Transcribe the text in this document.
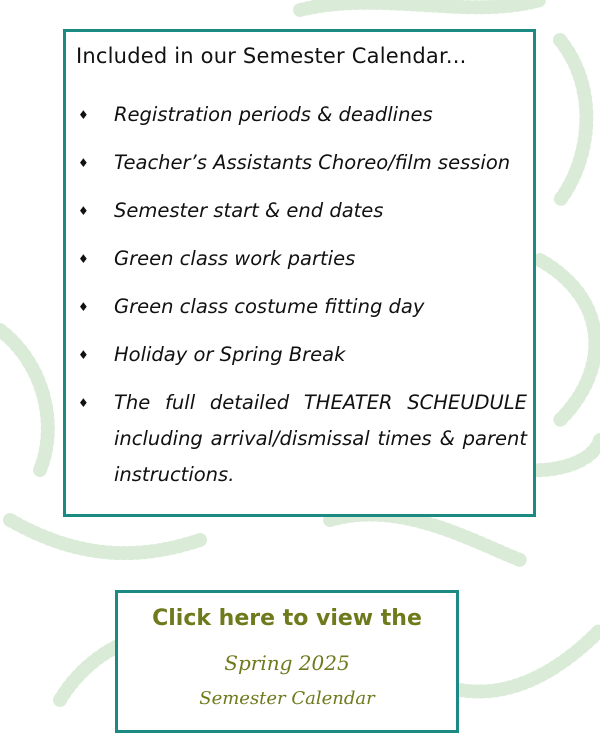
Included in our Semester Calendar...
♦ Registration periods & deadlines
♦ Teacher’s Assistants Choreo/film session
♦ Semester start & end dates
♦ Green class work parties
♦ Green class costume fitting day
♦ Holiday or Spring Break
♦ The full detailed THEATER SCHEUDULE including arrival/dismissal times & parent instructions.
Click here to view the
Spring 2025
Semester Calendar
